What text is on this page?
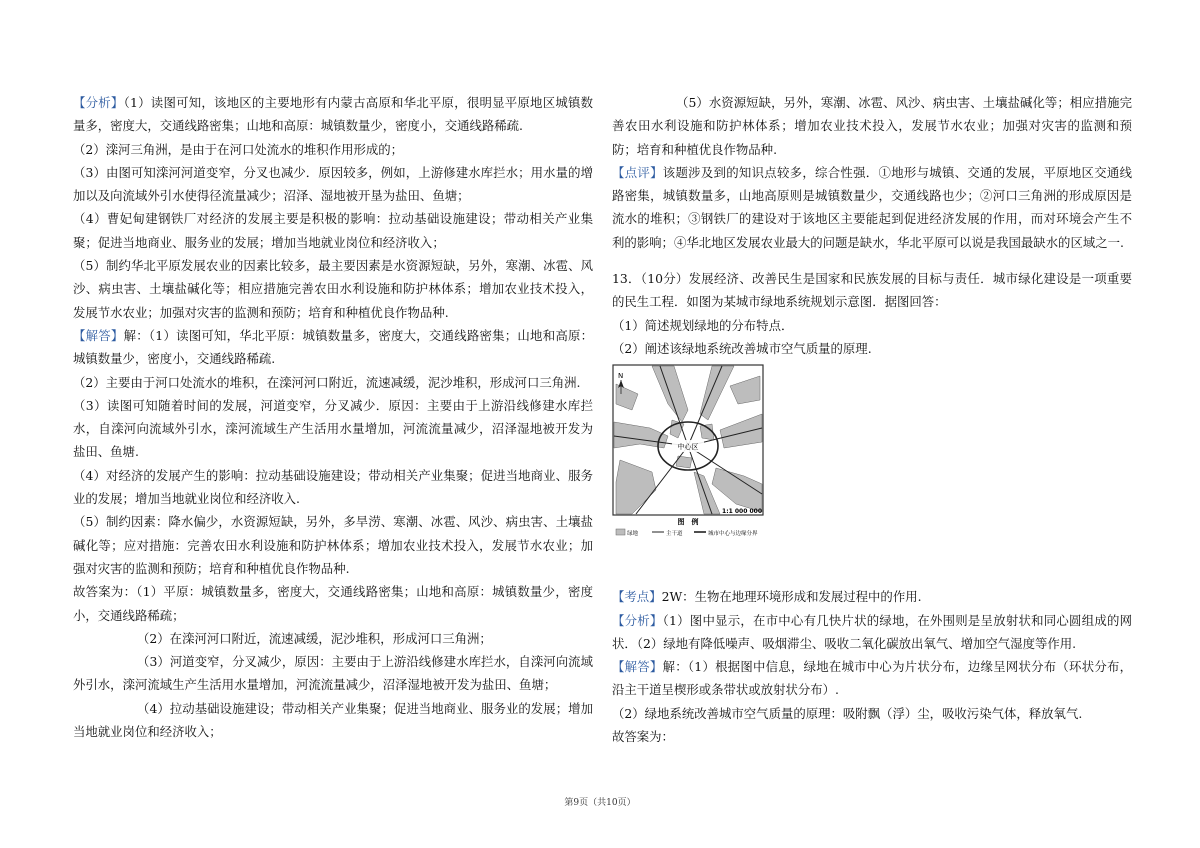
【分析】（1）读图可知，该地区的主要地形有内蒙古高原和华北平原，很明显平原地区城镇数量多，密度大，交通线路密集；山地和高原：城镇数量少，密度小，交通线路稀疏.

（2）滦河三角洲，是由于在河口处流水的堆积作用形成的；

（3）由图可知滦河河道变窄，分叉也减少．原因较多，例如，上游修建水库拦水；用水量的增加以及向流域外引水使得径流量减少；沼泽、湿地被开垦为盐田、鱼塘；

（4）曹妃甸建钢铁厂对经济的发展主要是积极的影响：拉动基础设施建设；带动相关产业集聚；促进当地商业、服务业的发展；增加当地就业岗位和经济收入；

（5）制约华北平原发展农业的因素比较多，最主要因素是水资源短缺，另外，寒潮、冰雹、风沙、病虫害、土壤盐碱化等；相应措施完善农田水利设施和防护林体系；增加农业技术投入，发展节水农业；加强对灾害的监测和预防；培育和种植优良作物品种.

【解答】解：（1）读图可知，华北平原：城镇数量多，密度大，交通线路密集；山地和高原：城镇数量少，密度小，交通线路稀疏.

（2）主要由于河口处流水的堆积，在滦河河口附近，流速减缓，泥沙堆积，形成河口三角洲.

（3）读图可知随着时间的发展，河道变窄，分叉减少．原因：主要由于上游沿线修建水库拦水，自滦河向流域外引水，滦河流域生产生活用水量增加，河流流量减少，沼泽湿地被开发为盐田、鱼塘.

（4）对经济的发展产生的影响：拉动基础设施建设；带动相关产业集聚；促进当地商业、服务业的发展；增加当地就业岗位和经济收入.

（5）制约因素：降水偏少，水资源短缺，另外，多旱涝、寒潮、冰雹、风沙、病虫害、土壤盐碱化等；应对措施：完善农田水利设施和防护林体系；增加农业技术投入，发展节水农业；加强对灾害的监测和预防；培育和种植优良作物品种.

故答案为：（1）平原：城镇数量多，密度大，交通线路密集；山地和高原：城镇数量少，密度小，交通线路稀疏；

（2）在滦河河口附近，流速减缓，泥沙堆积，形成河口三角洲；

（3）河道变窄，分叉减少，原因：主要由于上游沿线修建水库拦水，自滦河向流域外引水，滦河流域生产生活用水量增加，河流流量减少，沼泽湿地被开发为盐田、鱼塘；

（4）拉动基础设施建设；带动相关产业集聚；促进当地商业、服务业的发展；增加当地就业岗位和经济收入；

（5）水资源短缺，另外，寒潮、冰雹、风沙、病虫害、土壤盐碱化等；相应措施完善农田水利设施和防护林体系；增加农业技术投入，发展节水农业；加强对灾害的监测和预防；培育和种植优良作物品种.

【点评】该题涉及到的知识点较多，综合性强．①地形与城镇、交通的发展，平原地区交通线路密集，城镇数量多，山地高原则是城镇数量少，交通线路也少；②河口三角洲的形成原因是流水的堆积；③钢铁厂的建设对于该地区主要能起到促进经济发展的作用，而对环境会产生不利的影响；④华北地区发展农业最大的问题是缺水，华北平原可以说是我国最缺水的区域之一.

13．（10分）发展经济、改善民生是国家和民族发展的目标与责任．城市绿化建设是一项重要的民生工程．如图为某城市绿地系统规划示意图．据图回答：

（1）简述规划绿地的分布特点．

（2）阐述该绿地系统改善城市空气质量的原理.

中心区
N
1:1 000 000
图　例
绿地	主干道	城市中心与边缘分界

【考点】2W：生物在地理环境形成和发展过程中的作用.

【分析】（1）图中显示，在市中心有几快片状的绿地，在外围则是呈放射状和同心圆组成的网状．（2）绿地有降低噪声、吸烟滞尘、吸收二氧化碳放出氧气、增加空气湿度等作用.

【解答】解：（1）根据图中信息，绿地在城市中心为片状分布，边缘呈网状分布（环状分布，沿主干道呈楔形或条带状或放射状分布）.

（2）绿地系统改善城市空气质量的原理：吸附飘（浮）尘，吸收污染气体，释放氧气.

故答案为：

第9页（共10页）
